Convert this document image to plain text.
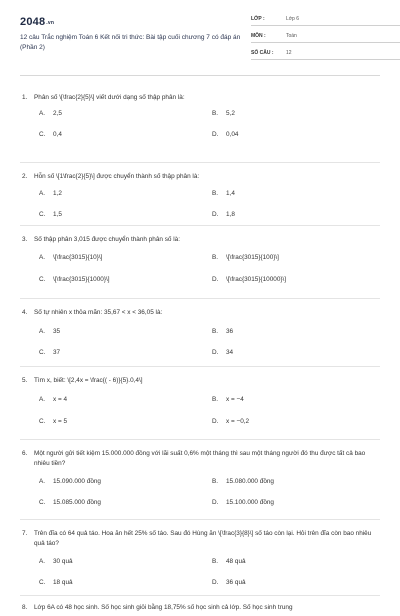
2048.vn
12 câu Trắc nghiệm Toán 6 Kết nối tri thức: Bài tập cuối chương 7 có đáp án (Phần 2)
LỚP :	Lớp 6
MÔN :	Toán
SỐ CÂU :	12
1. Phân số \[\frac{2}{5}\] viết dưới dạng số thập phân là:
A. 2,5	B. 5,2
C. 0,4	D. 0,04
2. Hỗn số \[1\frac{2}{5}\] được chuyển thành số thập phân là:
A. 1,2	B. 1,4
C. 1,5	D. 1,8
3. Số thập phân 3,015 được chuyển thành phân số là:
A. \[\frac{3015}{10}\]	B. \[\frac{3015}{100}\]
C. \[\frac{3015}{1000}\]	D. \[\frac{3015}{10000}\]
4. Số tự nhiên x thỏa mãn: 35,67 < x < 36,05 là:
A. 35	B. 36
C. 37	D. 34
5. Tìm x, biết: \[2,4x = \frac{( - 6)}{5}.0,4\]
A. x = 4	B. x = −4
C. x = 5	D. x = −0,2
6. Một người gửi tiết kiệm 15.000.000 đồng với lãi suất 0,6% một tháng thì sau một tháng người đó thu được tất cả bao nhiêu tiền?
A. 15.090.000 đồng	B. 15.080.000 đồng
C. 15.085.000 đồng	D. 15.100.000 đồng
7. Trên đĩa có 64 quả táo. Hoa ăn hết 25% số táo. Sau đó Hùng ăn \[\frac{3}{8}\] số táo còn lại. Hỏi trên đĩa còn bao nhiêu quả táo?
A. 30 quả	B. 48 quả
C. 18 quả	D. 36 quả
8. Lớp 6A có 48 học sinh. Số học sinh giỏi bằng 18,75% số học sinh cả lớp. Số học sinh trung
